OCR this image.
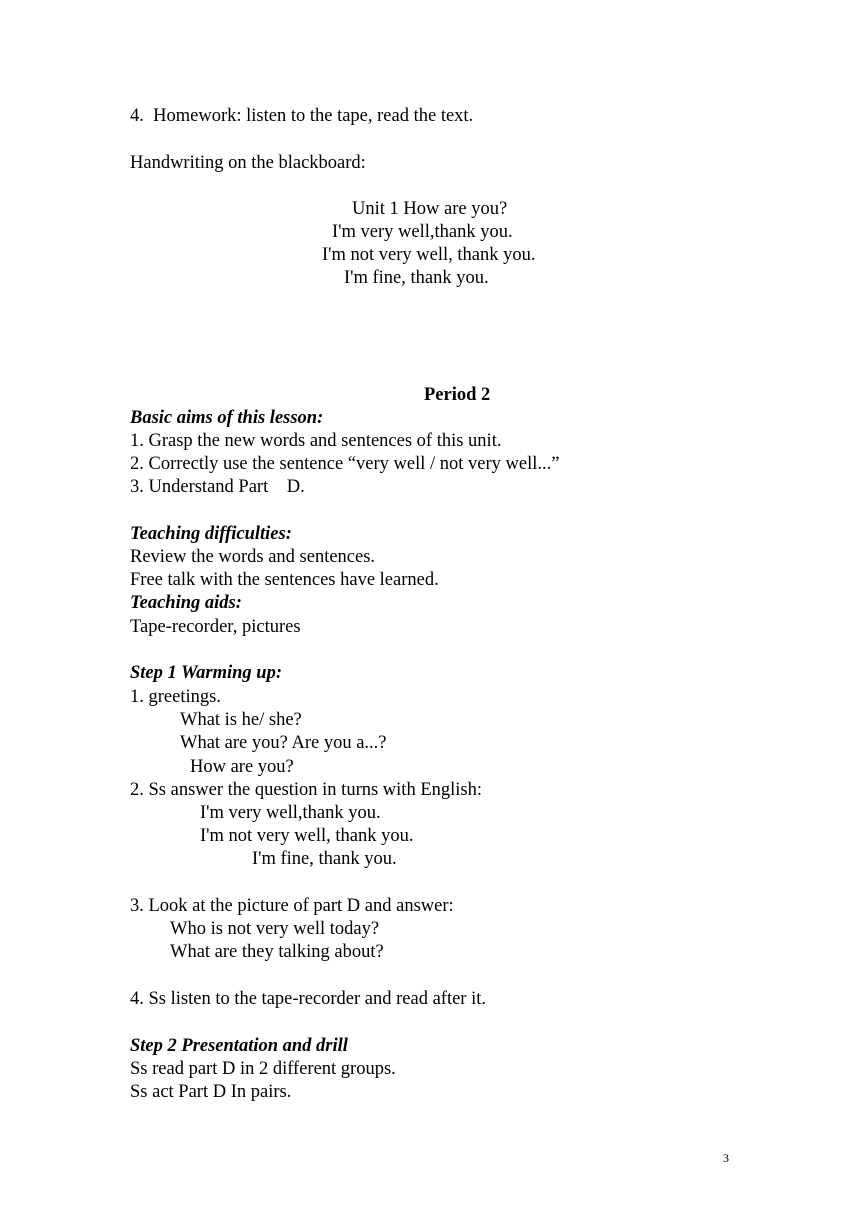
4.  Homework: listen to the tape, read the text.
Handwriting on the blackboard:
Unit 1 How are you?
I'm very well,thank you.
I'm not very well, thank you.
I'm fine, thank you.
Period 2
Basic aims of this lesson:
1. Grasp the new words and sentences of this unit.
2. Correctly use the sentence “very well / not very well...”
3. Understand Part    D.
Teaching difficulties:
Review the words and sentences.
Free talk with the sentences have learned.
Teaching aids:
Tape-recorder, pictures
Step 1 Warming up:
1. greetings.
What is he/ she?
What are you? Are you a...?
How are you?
2. Ss answer the question in turns with English:
I'm very well,thank you.
I'm not very well, thank you.
I'm fine, thank you.
3. Look at the picture of part D and answer:
Who is not very well today?
What are they talking about?
4. Ss listen to the tape-recorder and read after it.
Step 2 Presentation and drill
Ss read part D in 2 different groups.
Ss act Part D In pairs.
3
